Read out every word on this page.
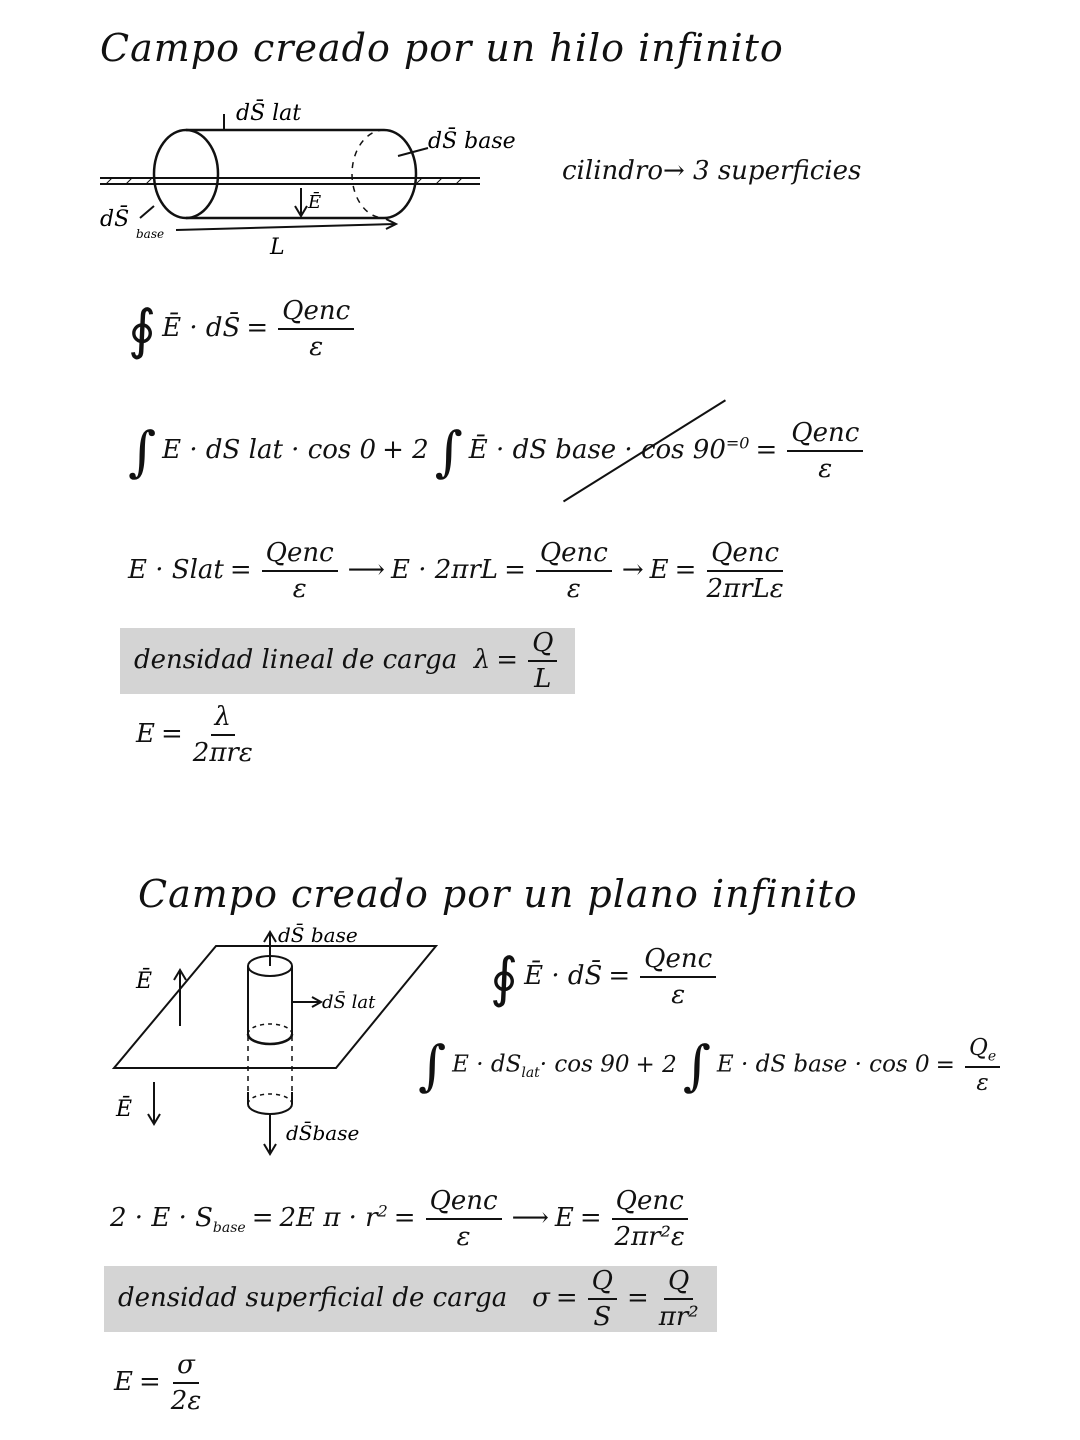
Campo creado por un hilo infinito
Ē
dS̄ lat
dS̄ base
dS̄
base
L
cilindro→ 3 superficies
∮ Ē · dS̄ = $\frac{\text{Qenc}}{\varepsilon}$
∫ E · dS lat · cos 0 + 2 ∫ Ē · dS base · $\cos 90^{=0} = \frac{\text{Qenc}}{\varepsilon}$
E · Slat = $\frac{\text{Qenc}}{\varepsilon}$ ⟶ $E \cdot 2\pi rL = \frac{\text{Qenc}}{\varepsilon} \to E = \frac{\text{Qenc}}{\text{2πrLε}}$
densidad lineal de carga $\lambda = \frac{Q}{L}$
$E = \frac{\lambda}{\text{2πrε}}$
Campo creado por un plano infinito
dS̄ base
dS̄ lat
dS̄base
Ē
Ē
∮ Ē · dS̄ = $\frac{\text{Qenc}}{\varepsilon}$
∫ $E \cdot dS_{lat}\cdot \cos 90 + 2$ ∫ E · dS base · $\cos 0 = \frac{Q_e}{\varepsilon}$
$2 \cdot E \cdot S_{base} = 2E$ $\pi \cdot r^2 = \frac{\text{Qenc}}{\varepsilon}$ ⟶ $E = \frac{\text{Qenc}}{\text{2πr²ε}}$
densidad superficial de carga $\sigma = \frac{Q}{S} = \frac{Q}{\text{πr²}}$
$E = \frac{\sigma}{2\varepsilon}$
